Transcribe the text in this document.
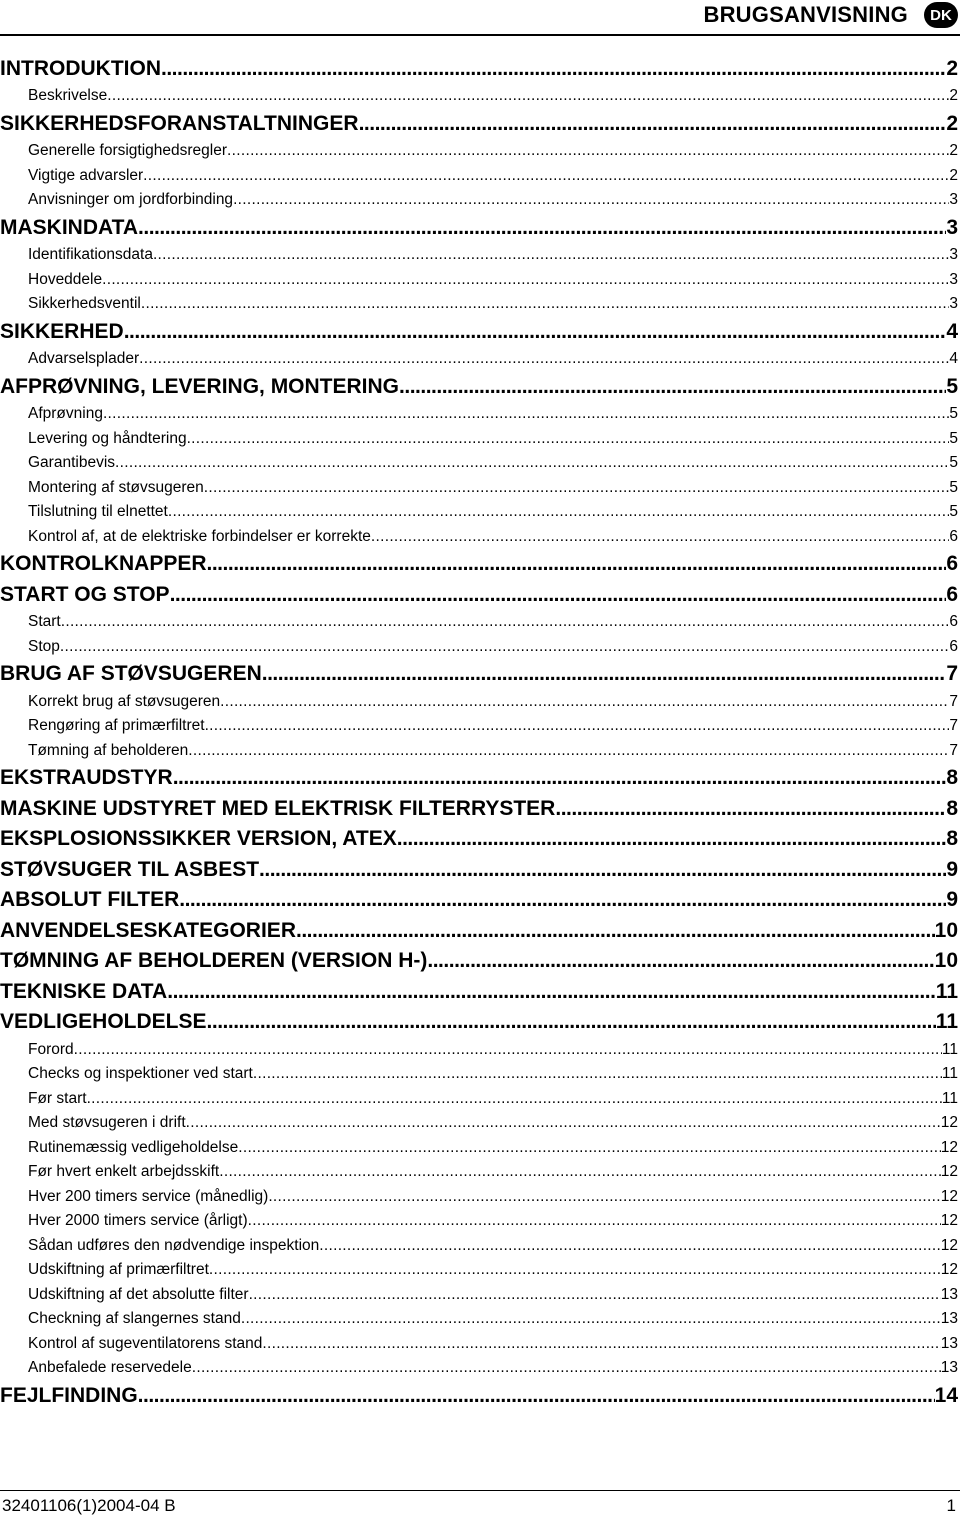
BRUGSANVISNING	DK
INTRODUKTION .....	2
Beskrivelse .....	2
SIKKERHEDSFORANSTALTNINGER .....	2
Generelle forsigtighedsregler .....	2
Vigtige advarsler .....	2
Anvisninger om jordforbinding .....	3
MASKINDATA .....	3
Identifikationsdata .....	3
Hoveddele .....	3
Sikkerhedsventil .....	3
SIKKERHED .....	4
Advarselsplader .....	4
AFPRØVNING, LEVERING, MONTERING .....	5
Afprøvning .....	5
Levering og håndtering .....	5
Garantibevis .....	5
Montering af støvsugeren .....	5
Tilslutning til elnettet .....	5
Kontrol af, at de elektriske forbindelser er korrekte .....	6
KONTROLKNAPPER .....	6
START OG STOP .....	6
Start .....	6
Stop .....	6
BRUG AF STØVSUGEREN .....	7
Korrekt brug af støvsugeren .....	7
Rengøring af primærfiltret .....	7
Tømning af beholderen .....	7
EKSTRAUDSTYR .....	8
MASKINE UDSTYRET MED ELEKTRISK FILTERRYSTER .....	8
EKSPLOSIONSSIKKER VERSION, ATEX .....	8
STØVSUGER TIL ASBEST .....	9
ABSOLUT FILTER .....	9
ANVENDELSESKATEGORIER .....	10
TØMNING AF BEHOLDEREN (VERSION H-) .....	10
TEKNISKE DATA .....	11
VEDLIGEHOLDELSE .....	11
Forord .....	11
Checks og inspektioner ved start .....	11
Før start .....	11
Med støvsugeren i drift .....	12
Rutinemæssig vedligeholdelse .....	12
Før hvert enkelt arbejdsskift .....	12
Hver 200 timers service (månedlig) .....	12
Hver 2000 timers service (årligt) .....	12
Sådan udføres den nødvendige inspektion .....	12
Udskiftning af primærfiltret .....	12
Udskiftning af det absolutte filter .....	13
Checkning af slangernes stand .....	13
Kontrol af sugeventilatorens stand .....	13
Anbefalede reservedele .....	13
FEJLFINDING .....	14
32401106(1)2004-04 B	1
